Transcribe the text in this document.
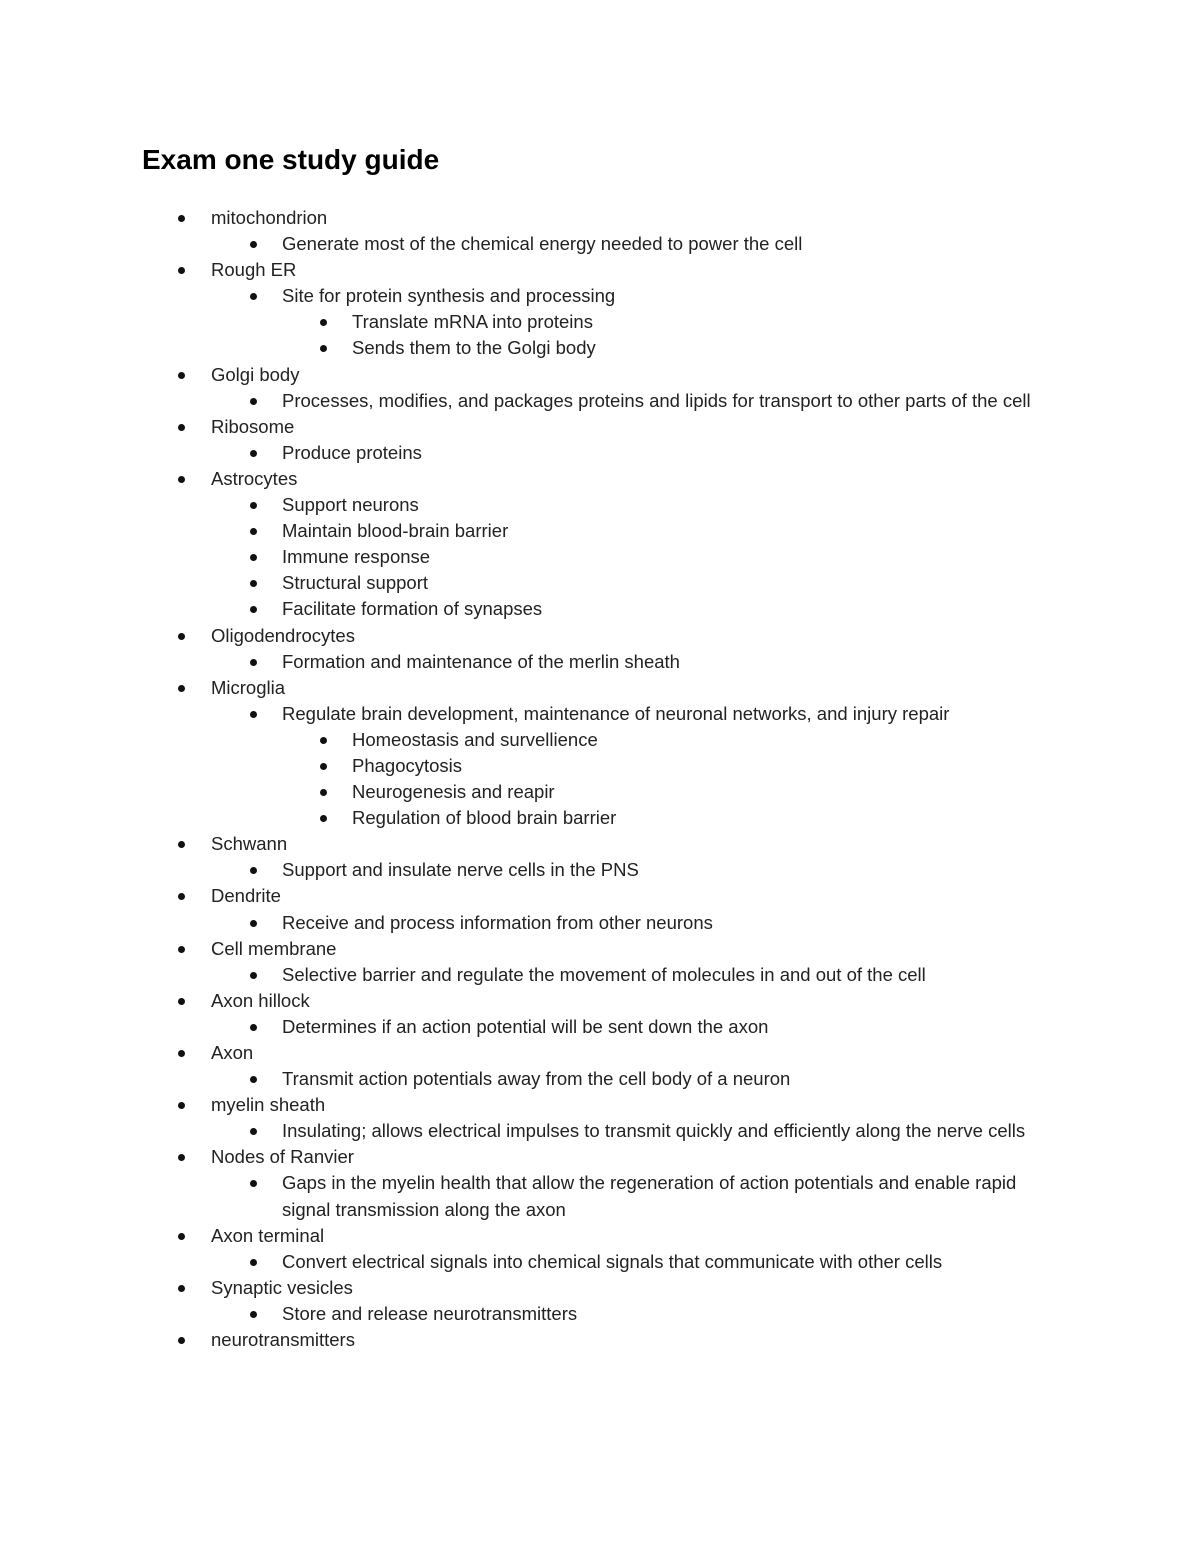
Exam one study guide
mitochondrion
Generate most of the chemical energy needed to power the cell
Rough ER
Site for protein synthesis and processing
Translate mRNA into proteins
Sends them to the Golgi body
Golgi body
Processes, modifies, and packages proteins and lipids for transport to other parts of the cell
Ribosome
Produce proteins
Astrocytes
Support neurons
Maintain blood-brain barrier
Immune response
Structural support
Facilitate formation of synapses
Oligodendrocytes
Formation and maintenance of the merlin sheath
Microglia
Regulate brain development, maintenance of neuronal networks, and injury repair
Homeostasis and survellience
Phagocytosis
Neurogenesis and reapir
Regulation of blood brain barrier
Schwann
Support and insulate nerve cells in the PNS
Dendrite
Receive and process information from other neurons
Cell membrane
Selective barrier and regulate the movement of molecules in and out of the cell
Axon hillock
Determines if an action potential will be sent down the axon
Axon
Transmit action potentials away from the cell body of a neuron
myelin sheath
Insulating; allows electrical impulses to transmit quickly and efficiently along the nerve cells
Nodes of Ranvier
Gaps in the myelin health that allow the regeneration of action potentials and enable rapid signal transmission along the axon
Axon terminal
Convert electrical signals into chemical signals that communicate with other cells
Synaptic vesicles
Store and release neurotransmitters
neurotransmitters
